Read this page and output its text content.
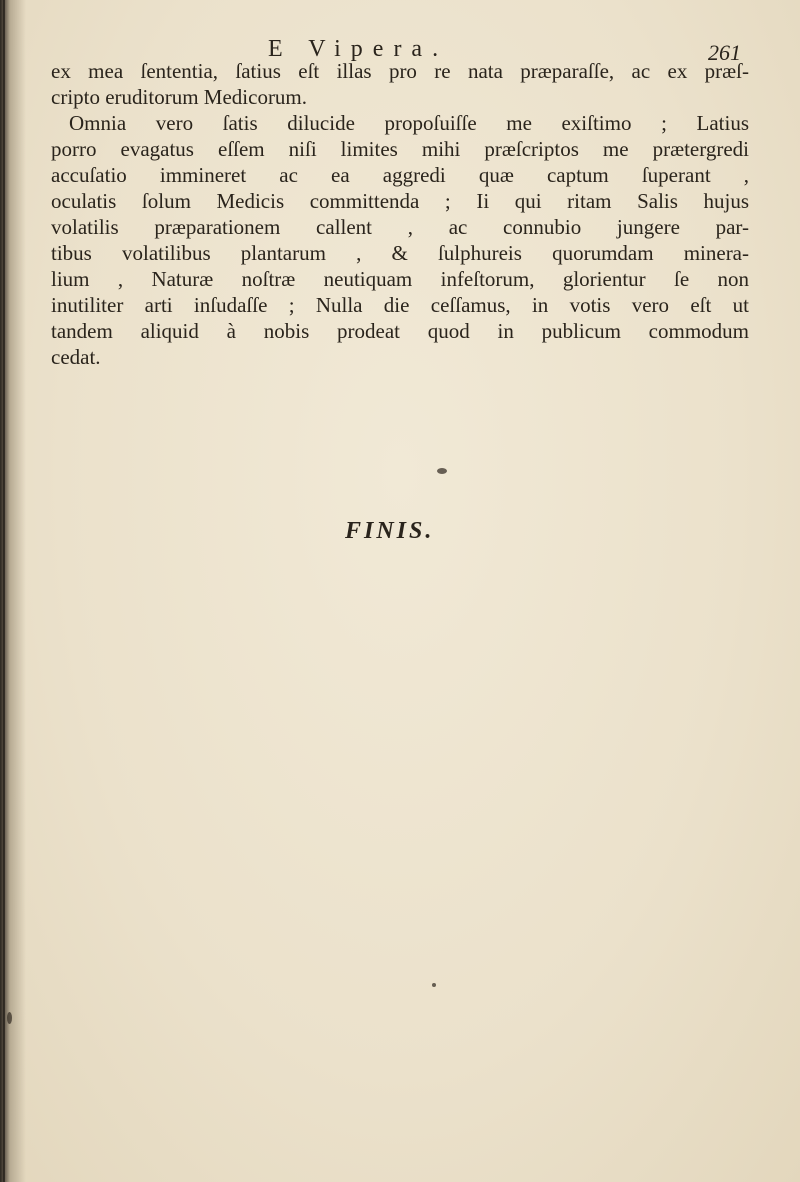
E Vipera.	261
ex mea ſententia, ſatius eſt illas pro re nata præparaſſe, ac ex præſ-
cripto eruditorum Medicorum.
Omnia vero ſatis dilucide propoſuiſſe me exiſtimo ; Latius
porro evagatus eſſem niſi limites mihi præſcriptos me prætergredi
accuſatio immineret ac ea aggredi quæ captum ſuperant ,
oculatis ſolum Medicis committenda ; Ii qui ritam Salis hujus
volatilis præparationem callent , ac connubio jungere par-
tibus volatilibus plantarum , & ſulphureis quorumdam minera-
lium , Naturæ noſtræ neutiquam infeſtorum, glorientur ſe non
inutiliter arti inſudaſſe ; Nulla die ceſſamus, in votis vero eſt ut
tandem aliquid à nobis prodeat quod in publicum commodum
cedat.
FINIS.
